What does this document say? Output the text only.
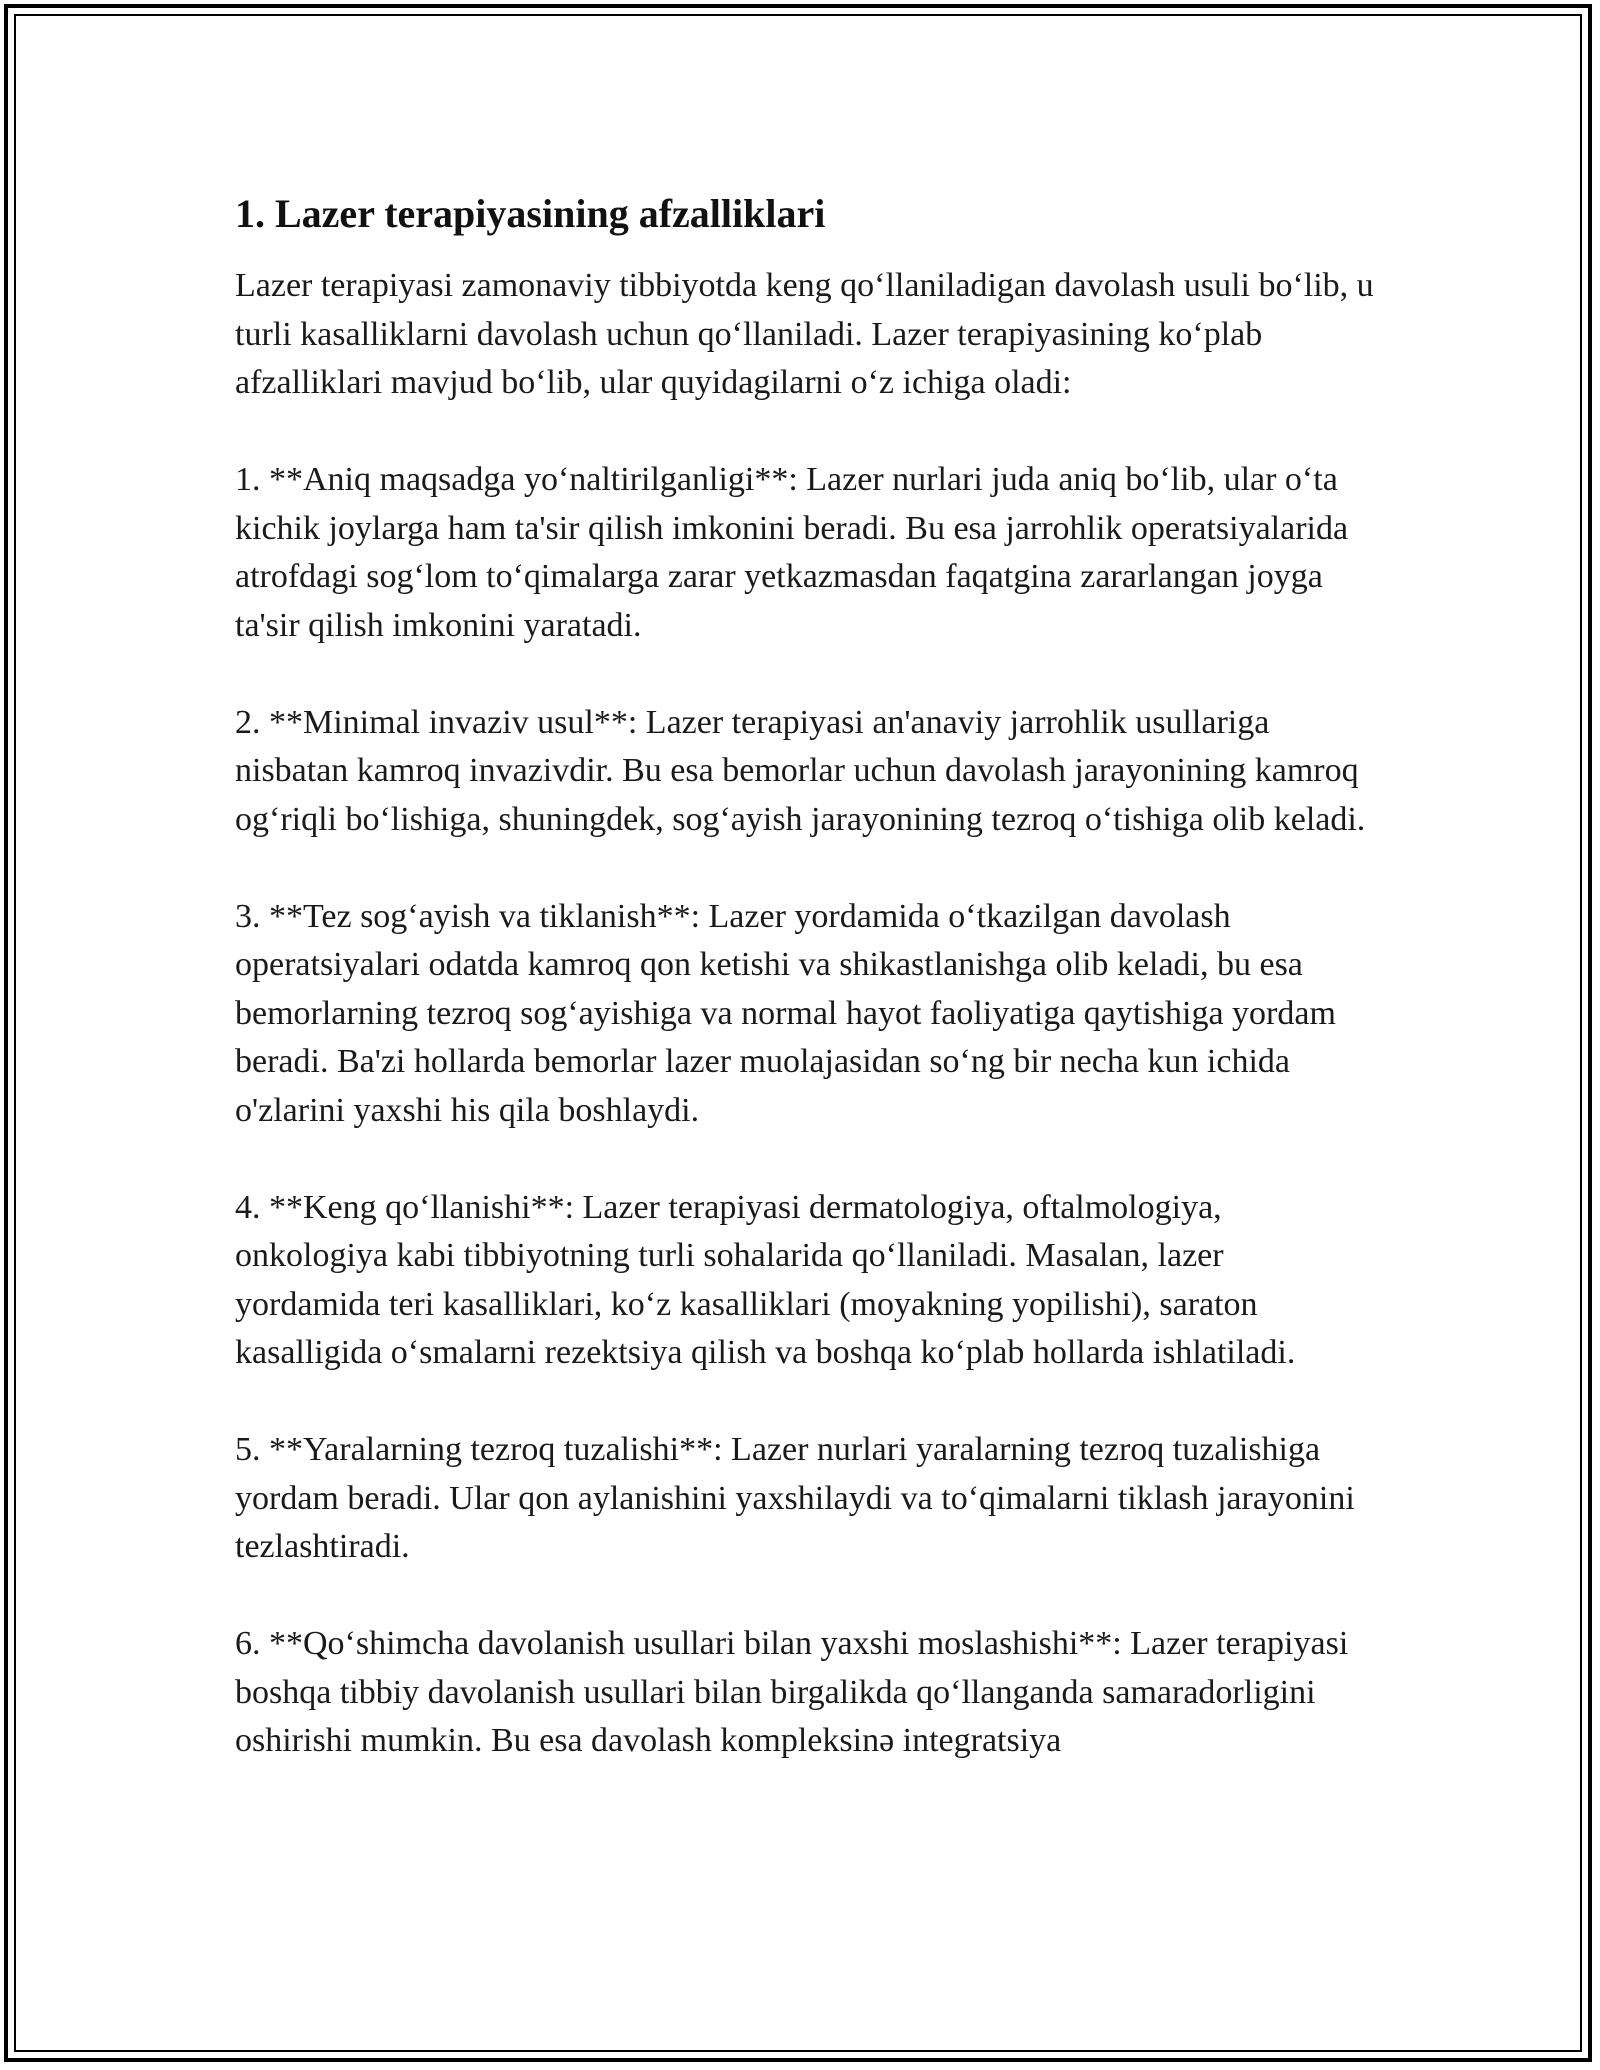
1. Lazer terapiyasining afzalliklari

Lazer terapiyasi zamonaviy tibbiyotda keng qo‘llaniladigan davolash usuli bo‘lib, u turli kasalliklarni davolash uchun qo‘llaniladi. Lazer terapiyasining ko‘plab afzalliklari mavjud bo‘lib, ular quyidagilarni o‘z ichiga oladi:

1. **Aniq maqsadga yo‘naltirilganligi**: Lazer nurlari juda aniq bo‘lib, ular o‘ta kichik joylarga ham ta'sir qilish imkonini beradi. Bu esa jarrohlik operatsiyalarida atrofdagi sog‘lom to‘qimalarga zarar yetkazmasdan faqatgina zararlangan joyga ta'sir qilish imkonini yaratadi.

2. **Minimal invaziv usul**: Lazer terapiyasi an'anaviy jarrohlik usullariga nisbatan kamroq invazivdir. Bu esa bemorlar uchun davolash jarayonining kamroq og‘riqli bo‘lishiga, shuningdek, sog‘ayish jarayonining tezroq o‘tishiga olib keladi.

3. **Tez sog‘ayish va tiklanish**: Lazer yordamida o‘tkazilgan davolash operatsiyalari odatda kamroq qon ketishi va shikastlanishga olib keladi, bu esa bemorlarning tezroq sog‘ayishiga va normal hayot faoliyatiga qaytishiga yordam beradi. Ba'zi hollarda bemorlar lazer muolajasidan so‘ng bir necha kun ichida o'zlarini yaxshi his qila boshlaydi.

4. **Keng qo‘llanishi**: Lazer terapiyasi dermatologiya, oftalmologiya, onkologiya kabi tibbiyotning turli sohalarida qo‘llaniladi. Masalan, lazer yordamida teri kasalliklari, ko‘z kasalliklari (moyakning yopilishi), saraton kasalligida o‘smalarni rezektsiya qilish va boshqa ko‘plab hollarda ishlatiladi.

5. **Yaralarning tezroq tuzalishi**: Lazer nurlari yaralarning tezroq tuzalishiga yordam beradi. Ular qon aylanishini yaxshilaydi va to‘qimalarni tiklash jarayonini tezlashtiradi.

6. **Qo‘shimcha davolanish usullari bilan yaxshi moslashishi**: Lazer terapiyasi boshqa tibbiy davolanish usullari bilan birgalikda qo‘llanganda samaradorligini oshirishi mumkin. Bu esa davolash kompleksinə integratsiya
